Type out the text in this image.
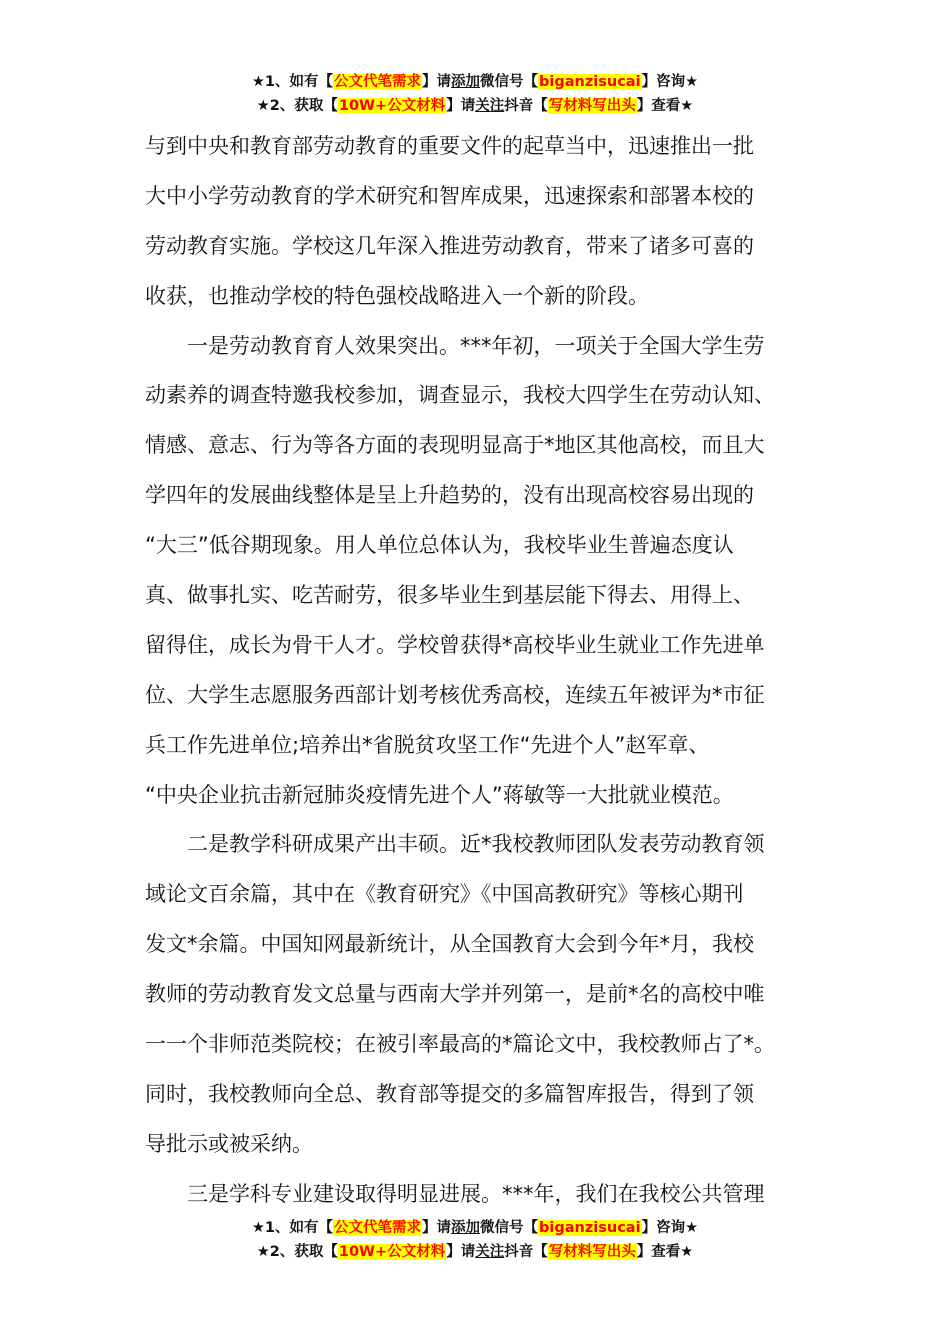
★1、如有【公文代笔需求】请添加微信号【biganzisucai】咨询★
★2、获取【10W+公文材料】请关注抖音【写材料写出头】查看★

与到中央和教育部劳动教育的重要文件的起草当中，迅速推出一批
大中小学劳动教育的学术研究和智库成果，迅速探索和部署本校的
劳动教育实施。学校这几年深入推进劳动教育，带来了诸多可喜的
收获，也推动学校的特色强校战略进入一个新的阶段。

　　一是劳动教育育人效果突出。***年初，一项关于全国大学生劳
动素养的调查特邀我校参加，调查显示，我校大四学生在劳动认知、
情感、意志、行为等各方面的表现明显高于*地区其他高校，而且大
学四年的发展曲线整体是呈上升趋势的，没有出现高校容易出现的
“大三”低谷期现象。用人单位总体认为，我校毕业生普遍态度认
真、做事扎实、吃苦耐劳，很多毕业生到基层能下得去、用得上、
留得住，成长为骨干人才。学校曾获得*高校毕业生就业工作先进单
位、大学生志愿服务西部计划考核优秀高校，连续五年被评为*市征
兵工作先进单位;培养出*省脱贫攻坚工作“先进个人”赵军章、
“中央企业抗击新冠肺炎疫情先进个人”蒋敏等一大批就业模范。

　　二是教学科研成果产出丰硕。近*我校教师团队发表劳动教育领
域论文百余篇，其中在《教育研究》《中国高教研究》等核心期刊
发文*余篇。中国知网最新统计，从全国教育大会到今年*月，我校
教师的劳动教育发文总量与西南大学并列第一，是前*名的高校中唯
一一个非师范类院校；在被引率最高的*篇论文中，我校教师占了*。
同时，我校教师向全总、教育部等提交的多篇智库报告，得到了领
导批示或被采纳。

　　三是学科专业建设取得明显进展。***年，我们在我校公共管理

★1、如有【公文代笔需求】请添加微信号【biganzisucai】咨询★
★2、获取【10W+公文材料】请关注抖音【写材料写出头】查看★
